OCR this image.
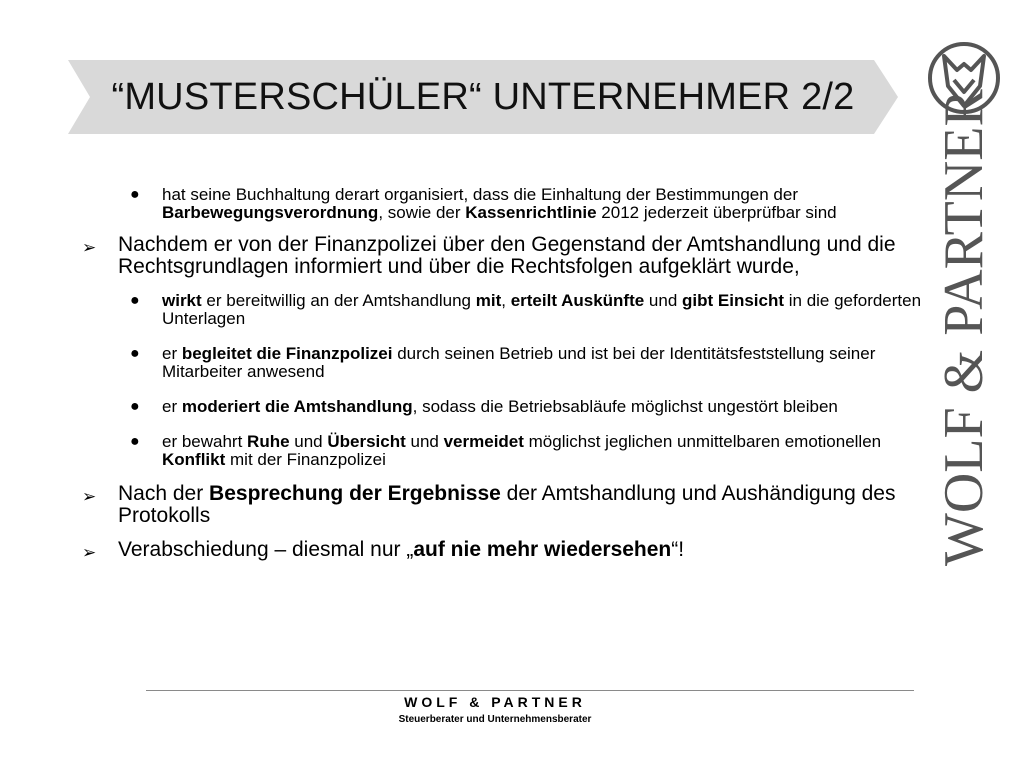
“MUSTERSCHÜLER“ UNTERNEHMER 2/2	WOLF & PARTNER
● hat seine Buchhaltung derart organisiert, dass die Einhaltung der Bestimmungen der Barbewegungsverordnung, sowie der Kassenrichtlinie 2012 jederzeit überprüfbar sind
➢ Nachdem er von der Finanzpolizei über den Gegenstand der Amtshandlung und die Rechtsgrundlagen informiert und über die Rechtsfolgen aufgeklärt wurde,
● wirkt er bereitwillig an der Amtshandlung mit, erteilt Auskünfte und gibt Einsicht in die geforderten Unterlagen
● er begleitet die Finanzpolizei durch seinen Betrieb und ist bei der Identitätsfeststellung seiner Mitarbeiter anwesend
● er moderiert die Amtshandlung, sodass die Betriebsabläufe möglichst ungestört bleiben
● er bewahrt Ruhe und Übersicht und vermeidet möglichst jeglichen unmittelbaren emotionellen Konflikt mit der Finanzpolizei
➢ Nach der Besprechung der Ergebnisse der Amtshandlung und Aushändigung des Protokolls
➢ Verabschiedung – diesmal nur „auf nie mehr wiedersehen“!
WOLF & PARTNER
Steuerberater und Unternehmensberater
